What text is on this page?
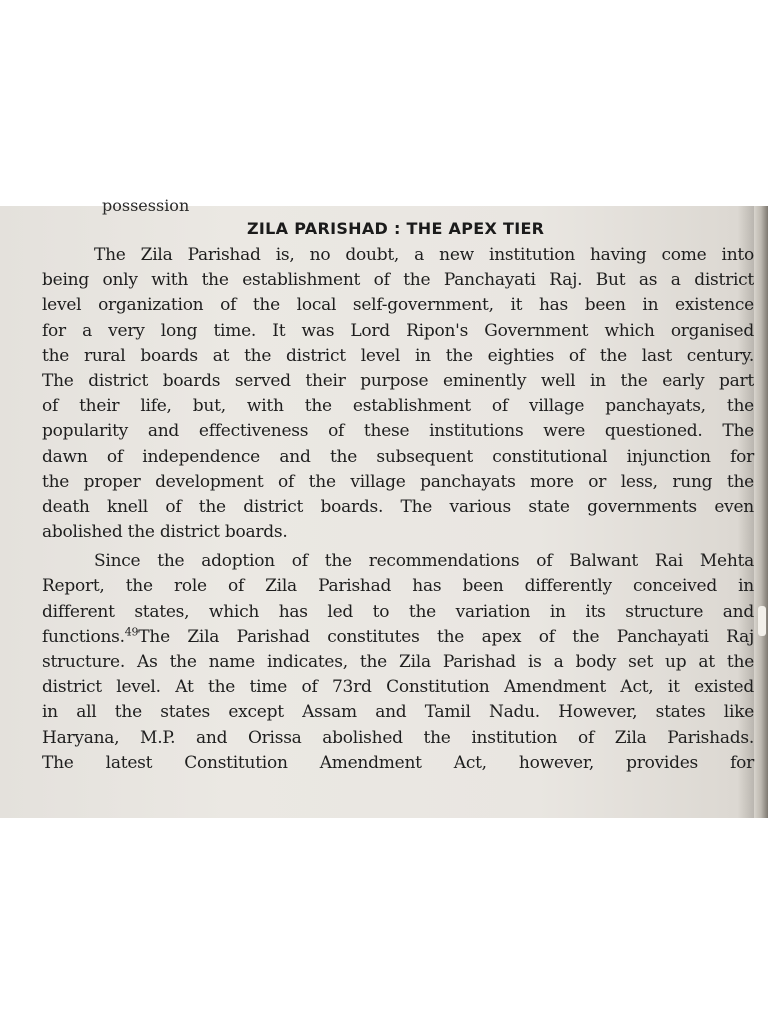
possession
ZILA PARISHAD : THE APEX TIER
The Zila Parishad is, no doubt, a new institution having come into
being only with the establishment of the Panchayati Raj. But as a district
level organization of the local self-government, it has been in existence
for a very long time. It was Lord Ripon's Government which organised
the rural boards at the district level in the eighties of the last century.
The district boards served their purpose eminently well in the early part
of their life, but, with the establishment of village panchayats, the
popularity and effectiveness of these institutions were questioned. The
dawn of independence and the subsequent constitutional injunction for
the proper development of the village panchayats more or less, rung the
death knell of the district boards. The various state governments even
abolished the district boards.
Since the adoption of the recommendations of Balwant Rai Mehta
Report, the role of Zila Parishad has been differently conceived in
different states, which has led to the variation in its structure and
functions.$^{49}$The Zila Parishad constitutes the apex of the Panchayati Raj
structure. As the name indicates, the Zila Parishad is a body set up at the
district level. At the time of 73rd Constitution Amendment Act, it existed
in all the states except Assam and Tamil Nadu. However, states like
Haryana, M.P. and Orissa abolished the institution of Zila Parishads.
The latest Constitution Amendment Act, however, provides for
